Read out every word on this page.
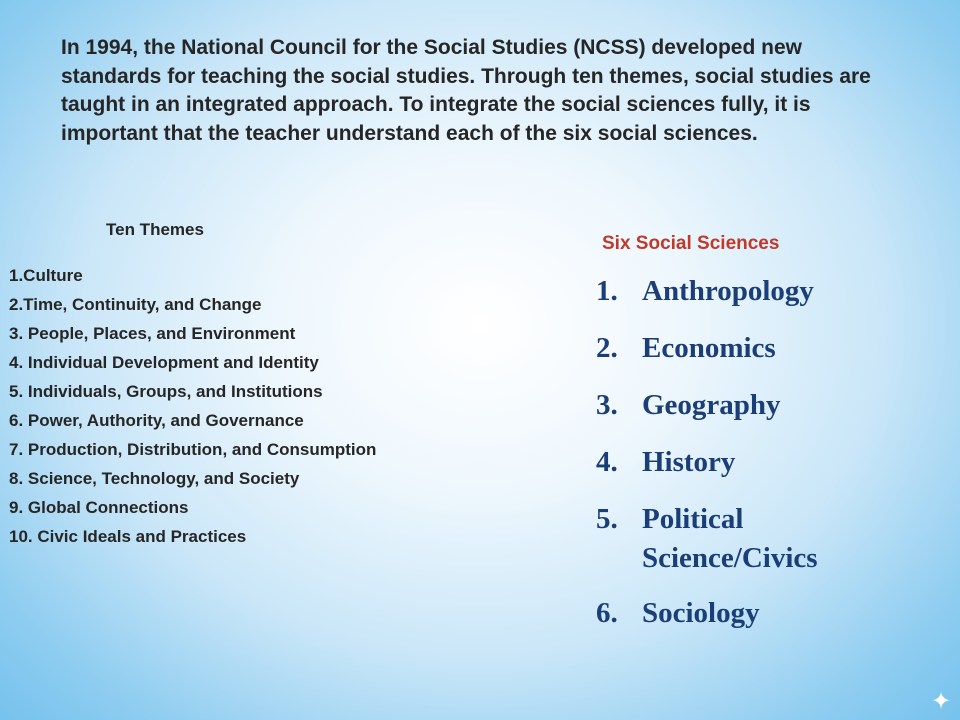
In 1994, the National Council for the Social Studies (NCSS) developed new standards for teaching the social studies. Through ten themes, social studies are taught in an integrated approach. To integrate the social sciences fully, it is important that the teacher understand each of the six social sciences.

Ten Themes
1.Culture
2.Time, Continuity, and Change
3. People, Places, and Environment
4. Individual Development and Identity
5. Individuals, Groups, and Institutions
6. Power, Authority, and Governance
7. Production, Distribution, and Consumption
8. Science, Technology, and Society
9. Global Connections
10. Civic Ideals and Practices
Six Social Sciences
1. Anthropology
2. Economics
3. Geography
4. History
5. Political Science/Civics
6. Sociology
✦
